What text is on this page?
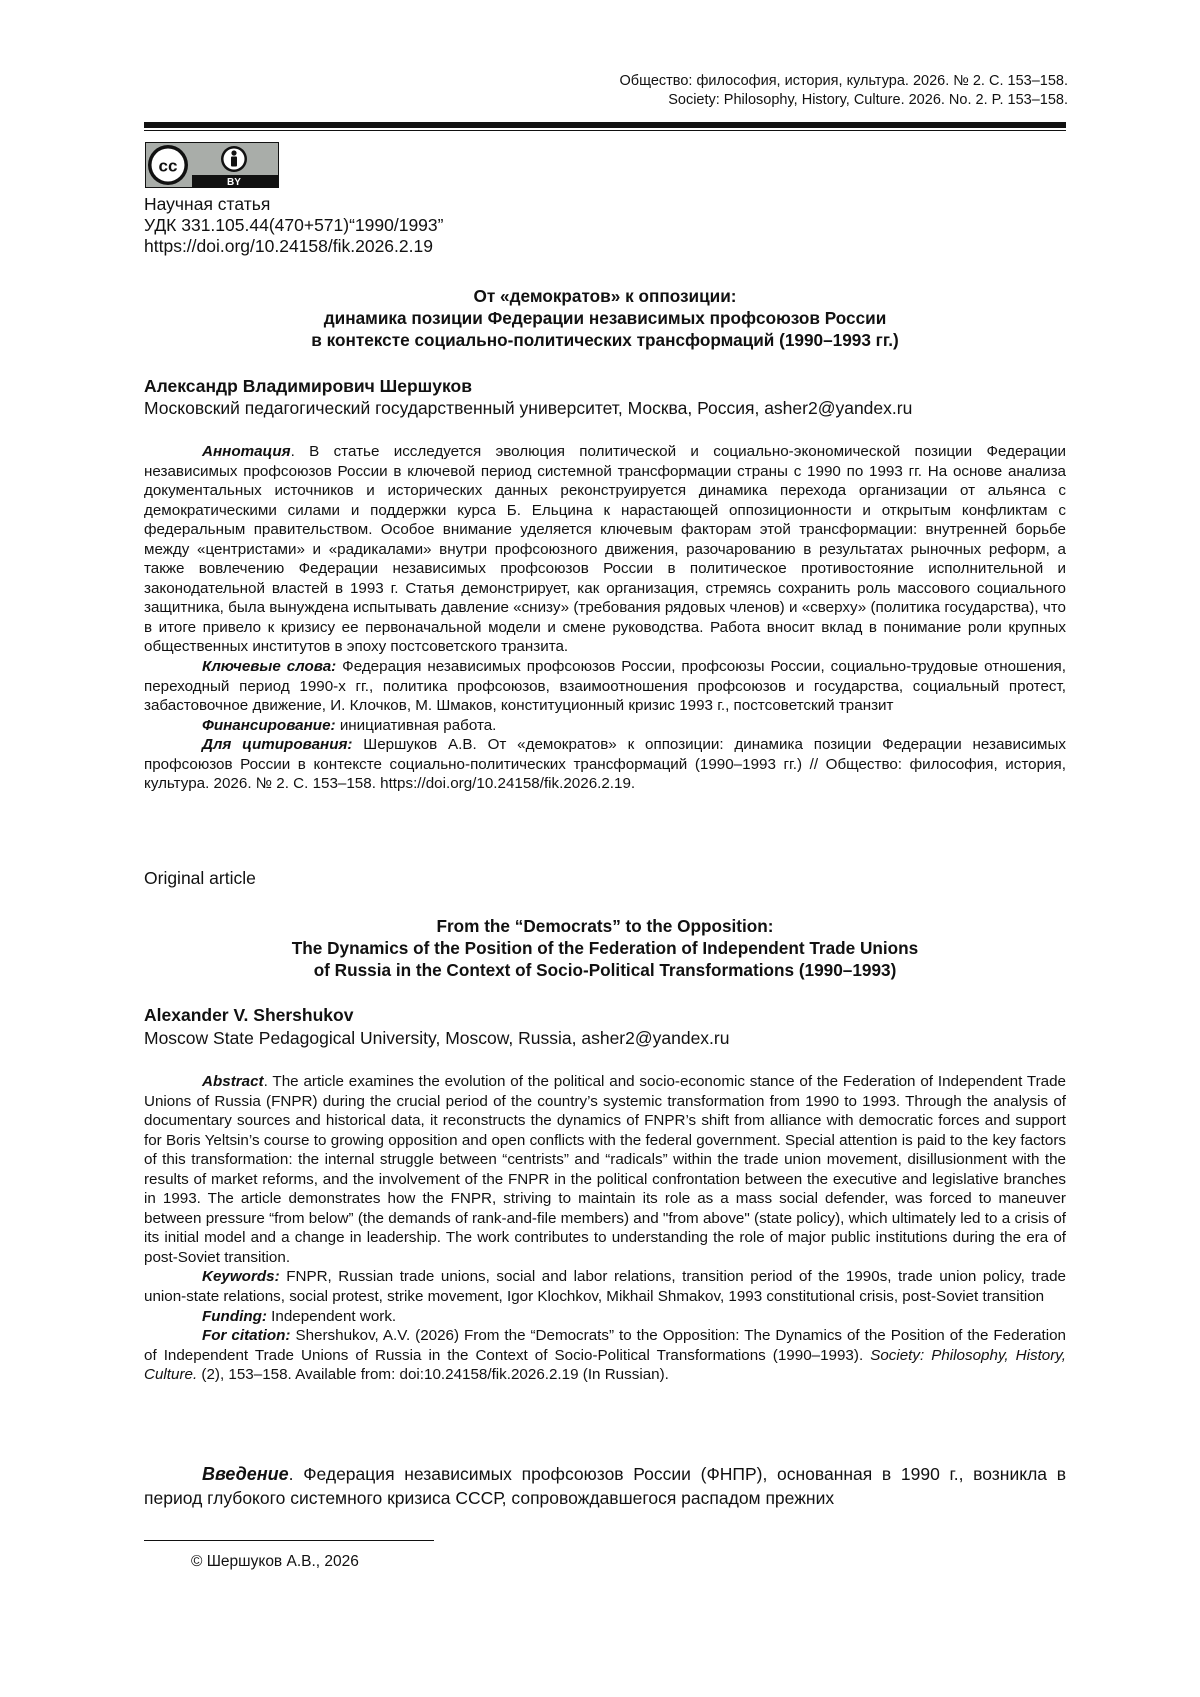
Общество: философия, история, культура. 2026. № 2. С. 153–158.
Society: Philosophy, History, Culture. 2026. No. 2. P. 153–158.
cc
BY
Научная статья
УДК 331.105.44(470+571)“1990/1993”
https://doi.org/10.24158/fik.2026.2.19
От «демократов» к оппозиции:
динамика позиции Федерации независимых профсоюзов России
в контексте социально-политических трансформаций (1990–1993 гг.)
Александр Владимирович Шершуков
Московский педагогический государственный университет, Москва, Россия, asher2@yandex.ru

Аннотация. В статье исследуется эволюция политической и социально-экономической позиции Федерации независимых профсоюзов России в ключевой период системной трансформации страны с 1990 по 1993 гг. На основе анализа документальных источников и исторических данных реконструируется динамика перехода организации от альянса с демократическими силами и поддержки курса Б. Ельцина к нарастающей оппозиционности и открытым конфликтам с федеральным правительством. Особое внимание уделяется ключевым факторам этой трансформации: внутренней борьбе между «центристами» и «радикалами» внутри профсоюзного движения, разочарованию в результатах рыночных реформ, а также вовлечению Федерации независимых профсоюзов России в политическое противостояние исполнительной и законодательной властей в 1993 г. Статья демонстрирует, как организация, стремясь сохранить роль массового социального защитника, была вынуждена испытывать давление «снизу» (требования рядовых членов) и «сверху» (политика государства), что в итоге привело к кризису ее первоначальной модели и смене руководства. Работа вносит вклад в понимание роли крупных общественных институтов в эпоху постсоветского транзита.

Ключевые слова: Федерация независимых профсоюзов России, профсоюзы России, социально-трудовые отношения, переходный период 1990-х гг., политика профсоюзов, взаимоотношения профсоюзов и государства, социальный протест, забастовочное движение, И. Клочков, М. Шмаков, конституционный кризис 1993 г., постсоветский транзит

Финансирование: инициативная работа.

Для цитирования: Шершуков А.В. От «демократов» к оппозиции: динамика позиции Федерации независимых профсоюзов России в контексте социально-политических трансформаций (1990–1993 гг.) // Общество: философия, история, культура. 2026. № 2. С. 153–158. https://doi.org/10.24158/fik.2026.2.19.

Original article
From the “Democrats” to the Opposition:
The Dynamics of the Position of the Federation of Independent Trade Unions
of Russia in the Context of Socio-Political Transformations (1990–1993)
Alexander V. Shershukov
Moscow State Pedagogical University, Moscow, Russia, asher2@yandex.ru

Abstract. The article examines the evolution of the political and socio-economic stance of the Federation of Independent Trade Unions of Russia (FNPR) during the crucial period of the country’s systemic transformation from 1990 to 1993. Through the analysis of documentary sources and historical data, it reconstructs the dynamics of FNPR’s shift from alliance with democratic forces and support for Boris Yeltsin’s course to growing opposition and open conflicts with the federal government. Special attention is paid to the key factors of this transformation: the internal struggle between “centrists” and “radicals” within the trade union movement, disillusionment with the results of market reforms, and the involvement of the FNPR in the political confrontation between the executive and legislative branches in 1993. The article demonstrates how the FNPR, striving to maintain its role as a mass social defender, was forced to maneuver between pressure “from below” (the demands of rank-and-file members) and "from above" (state policy), which ultimately led to a crisis of its initial model and a change in leadership. The work contributes to understanding the role of major public institutions during the era of post-Soviet transition.

Keywords: FNPR, Russian trade unions, social and labor relations, transition period of the 1990s, trade union policy, trade union-state relations, social protest, strike movement, Igor Klochkov, Mikhail Shmakov, 1993 constitutional crisis, post-Soviet transition

Funding: Independent work.

For citation: Shershukov, A.V. (2026) From the “Democrats” to the Opposition: The Dynamics of the Position of the Federation of Independent Trade Unions of Russia in the Context of Socio-Political Transformations (1990–1993). Society: Philosophy, History, Culture. (2), 153–158. Available from: doi:10.24158/fik.2026.2.19 (In Russian).

Введение. Федерация независимых профсоюзов России (ФНПР), основанная в 1990 г., возникла в период глубокого системного кризиса СССР, сопровождавшегося распадом прежних

© Шершуков А.В., 2026
